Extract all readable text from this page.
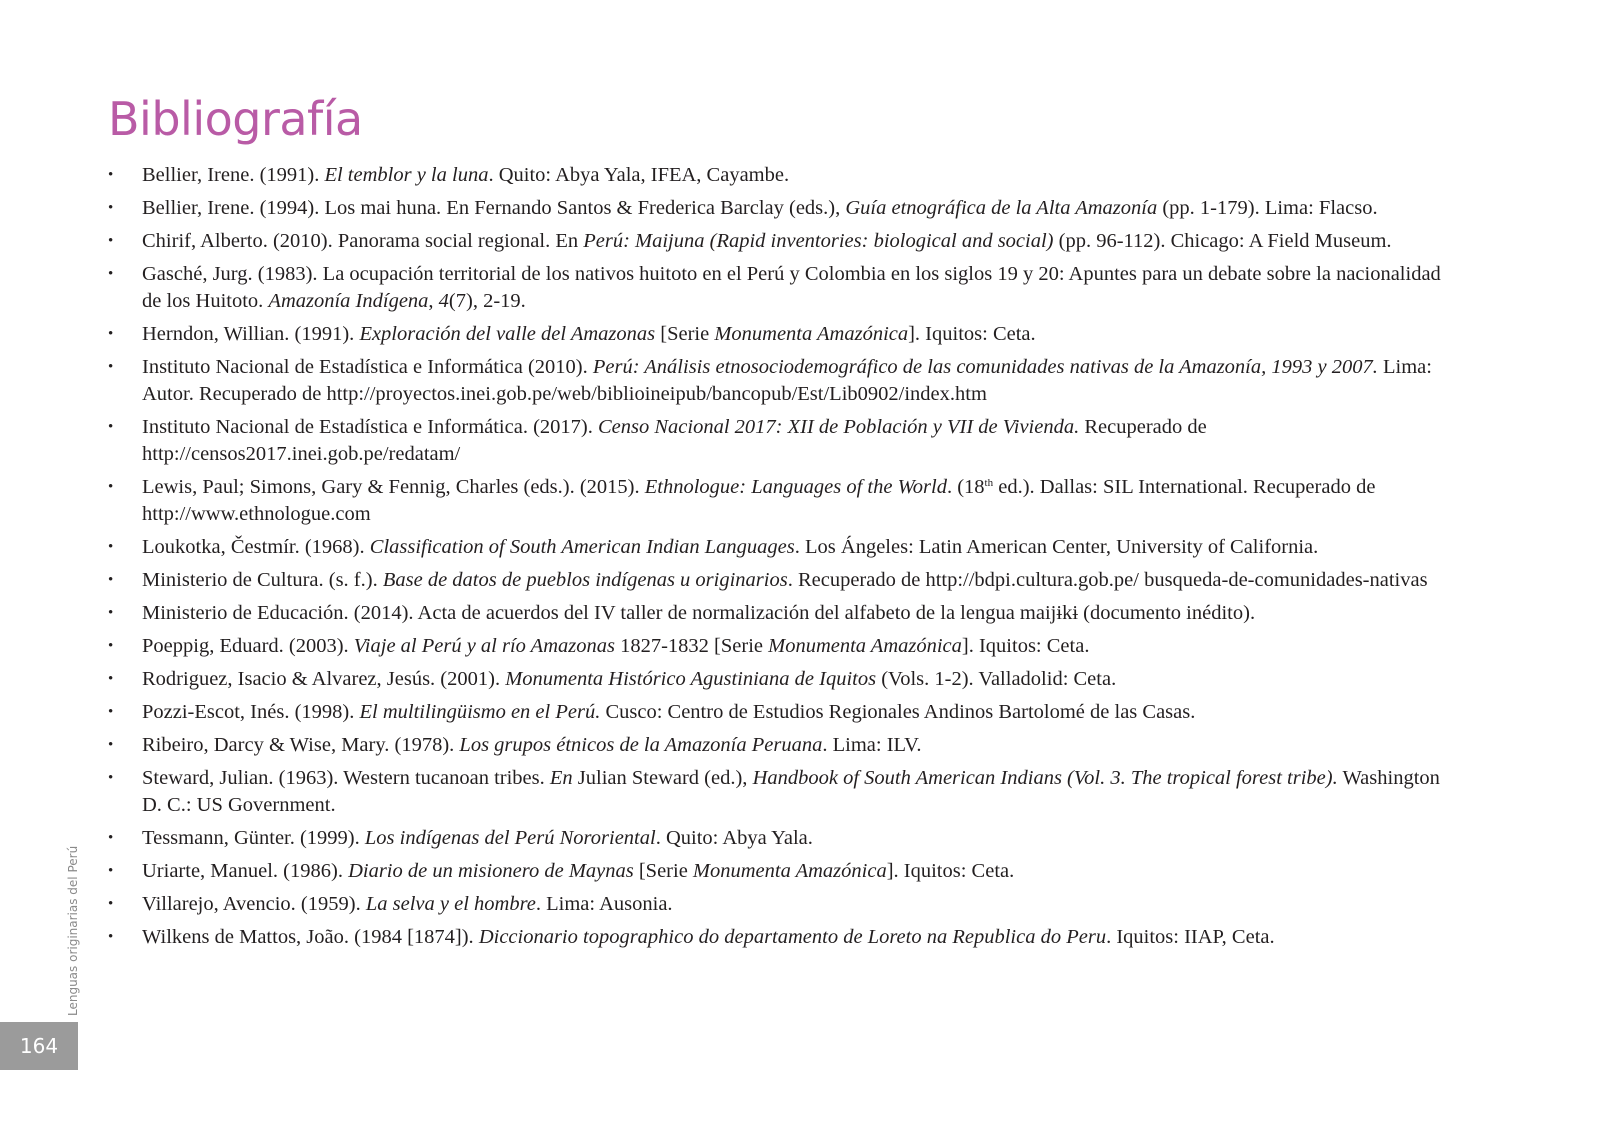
Bibliografía
•	Bellier, Irene. (1991). El temblor y la luna. Quito: Abya Yala, IFEA, Cayambe.
•	Bellier, Irene. (1994). Los mai huna. En Fernando Santos & Frederica Barclay (eds.), Guía etnográfica de la Alta Amazonía (pp. 1-179). Lima: Flacso.
•	Chirif, Alberto. (2010). Panorama social regional. En Perú: Maijuna (Rapid inventories: biological and social) (pp. 96-112). Chicago: A Field Museum.
•	Gasché, Jurg. (1983). La ocupación territorial de los nativos huitoto en el Perú y Colombia en los siglos 19 y 20: Apuntes para un debate sobre la nacionalidad de los Huitoto. Amazonía Indígena, 4(7), 2-19.
•	Herndon, Willian. (1991). Exploración del valle del Amazonas [Serie Monumenta Amazónica]. Iquitos: Ceta.
•	Instituto Nacional de Estadística e Informática (2010). Perú: Análisis etnosociodemográfico de las comunidades nativas de la Amazonía, 1993 y 2007. Lima: Autor. Recuperado de http://proyectos.inei.gob.pe/web/biblioineipub/bancopub/Est/Lib0902/index.htm
•	Instituto Nacional de Estadística e Informática. (2017). Censo Nacional 2017: XII de Población y VII de Vivienda. Recuperado de http://censos2017.inei.gob.pe/redatam/
•	Lewis, Paul; Simons, Gary & Fennig, Charles (eds.). (2015). Ethnologue: Languages of the World. (18th ed.). Dallas: SIL International. Recuperado de http://www.ethnologue.com
•	Loukotka, Čestmír. (1968). Classification of South American Indian Languages. Los Ángeles: Latin American Center, University of California.
•	Ministerio de Cultura. (s. f.). Base de datos de pueblos indígenas u originarios. Recuperado de http://bdpi.cultura.gob.pe/ busqueda-de-comunidades-nativas
•	Ministerio de Educación. (2014). Acta de acuerdos del IV taller de normalización del alfabeto de la lengua maijɨkɨ (documento inédito).
•	Poeppig, Eduard. (2003). Viaje al Perú y al río Amazonas 1827-1832 [Serie Monumenta Amazónica]. Iquitos: Ceta.
•	Rodriguez, Isacio & Alvarez, Jesús. (2001). Monumenta Histórico Agustiniana de Iquitos (Vols. 1-2). Valladolid: Ceta.
•	Pozzi-Escot, Inés. (1998). El multilingüismo en el Perú. Cusco: Centro de Estudios Regionales Andinos Bartolomé de las Casas.
•	Ribeiro, Darcy & Wise, Mary. (1978). Los grupos étnicos de la Amazonía Peruana. Lima: ILV.
•	Steward, Julian. (1963). Western tucanoan tribes. En Julian Steward (ed.), Handbook of South American Indians (Vol. 3. The tropical forest tribe). Washington D. C.: US Government.
•	Tessmann, Günter. (1999). Los indígenas del Perú Nororiental. Quito: Abya Yala.
•	Uriarte, Manuel. (1986). Diario de un misionero de Maynas [Serie Monumenta Amazónica]. Iquitos: Ceta.
•	Villarejo, Avencio. (1959). La selva y el hombre. Lima: Ausonia.
•	Wilkens de Mattos, João. (1984 [1874]). Diccionario topographico do departamento de Loreto na Republica do Peru. Iquitos: IIAP, Ceta.
Lenguas originarias del Perú
164
